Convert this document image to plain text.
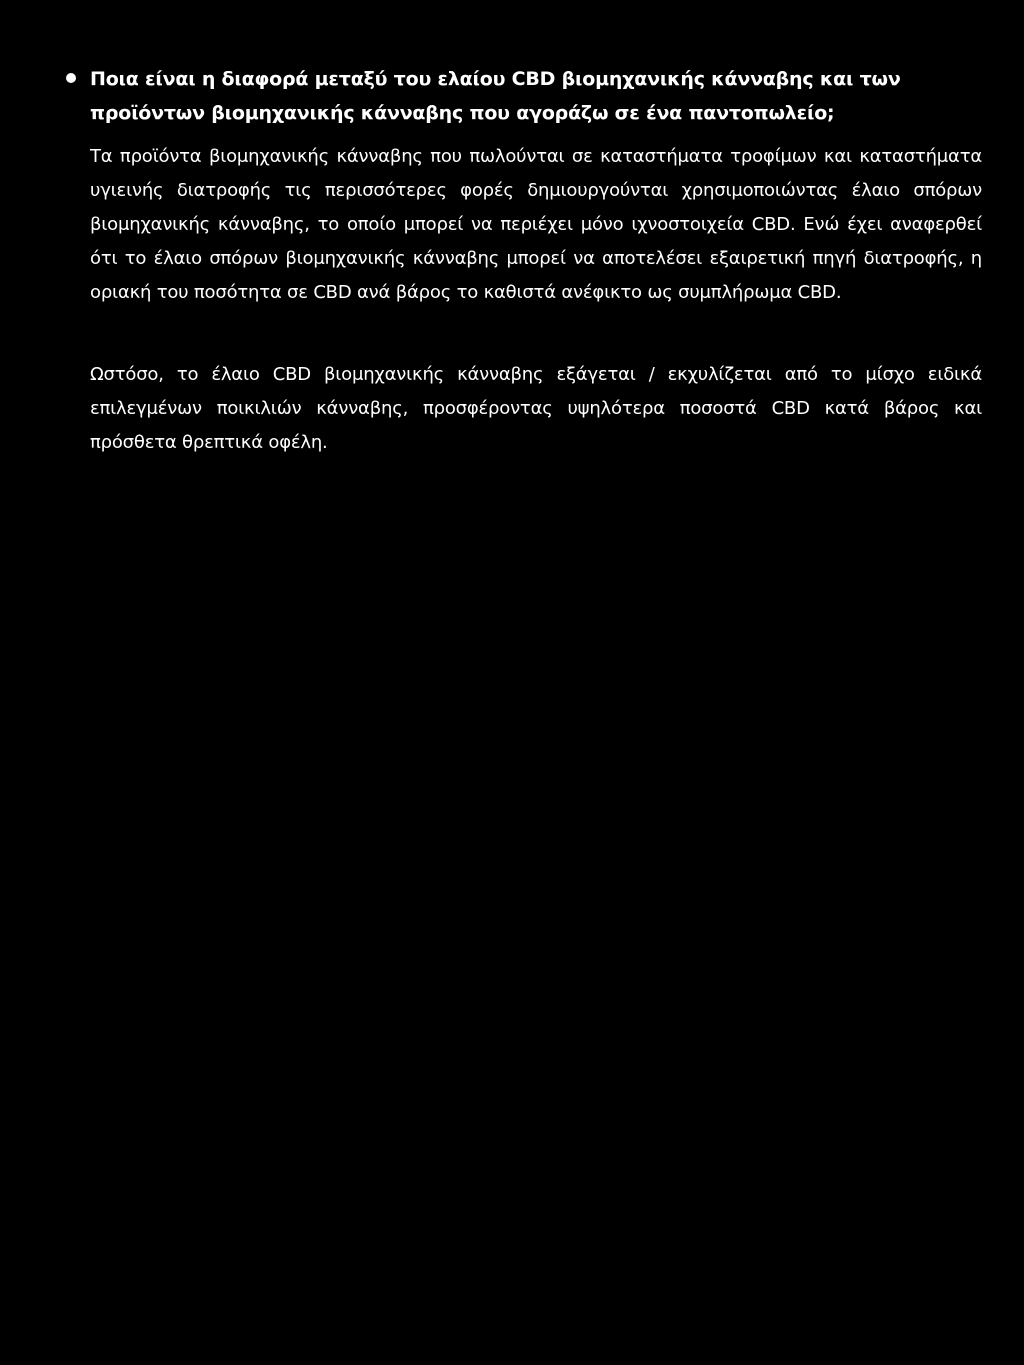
Ποια είναι η διαφορά μεταξύ του ελαίου CBD βιομηχανικής κάνναβης και των προϊόντων βιομηχανικής κάνναβης που αγοράζω σε ένα παντοπωλείο;

Τα προϊόντα βιομηχανικής κάνναβης που πωλούνται σε καταστήματα τροφίμων και καταστήματα υγιεινής διατροφής τις περισσότερες φορές δημιουργούνται χρησιμοποιώντας έλαιο σπόρων βιομηχανικής κάνναβης, το οποίο μπορεί να περιέχει μόνο ιχνοστοιχεία CBD. Ενώ έχει αναφερθεί ότι το έλαιο σπόρων βιομηχανικής κάνναβης μπορεί να αποτελέσει εξαιρετική πηγή διατροφής, η οριακή του ποσότητα σε CBD ανά βάρος το καθιστά ανέφικτο ως συμπλήρωμα CBD.

Ωστόσο, το έλαιο CBD βιομηχανικής κάνναβης εξάγεται / εκχυλίζεται από το μίσχο ειδικά επιλεγμένων ποικιλιών κάνναβης, προσφέροντας υψηλότερα ποσοστά CBD κατά βάρος και πρόσθετα θρεπτικά οφέλη.
